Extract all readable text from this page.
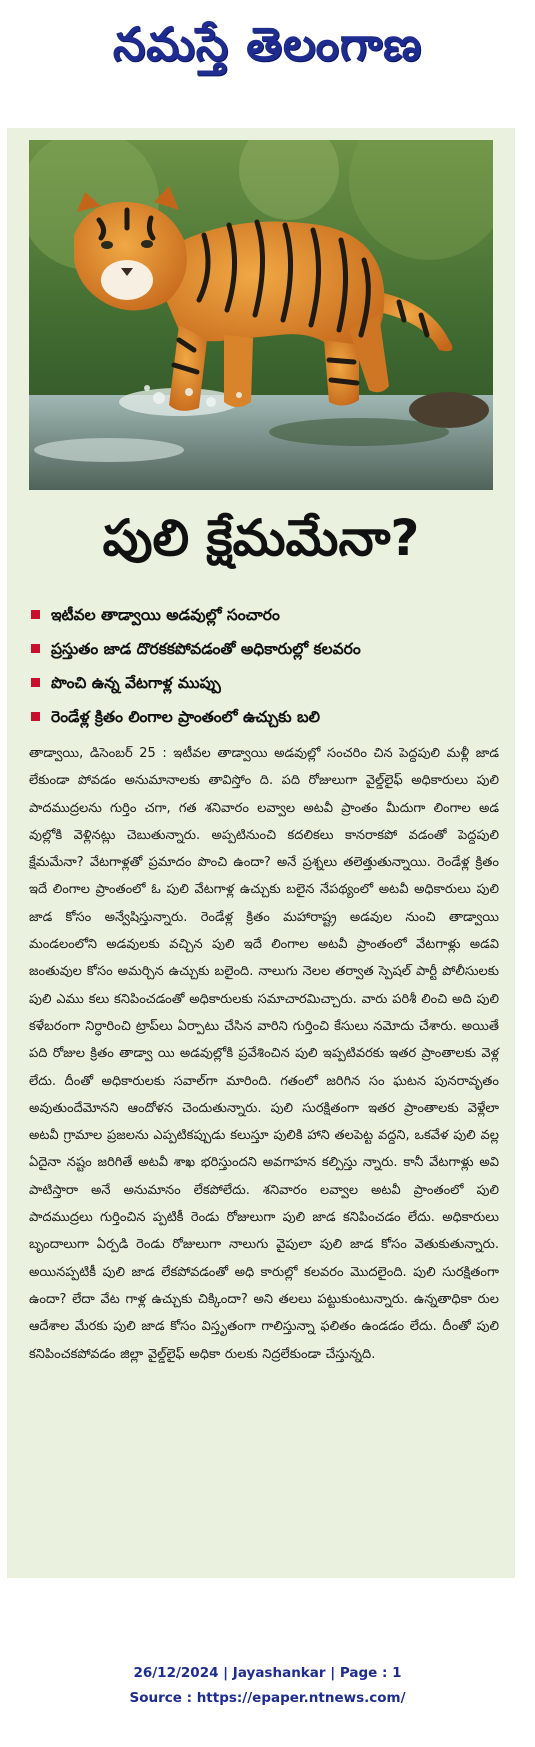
నమస్తే తెలంగాణ
పులి క్షేమమేనా?
ఇటీవల తాడ్వాయి అడవుల్లో సంచారం
ప్రస్తుతం జాడ దొరకకపోవడంతో అధికారుల్లో కలవరం
పొంచి ఉన్న వేటగాళ్ల ముప్పు
రెండేళ్ల క్రితం లింగాల ప్రాంతంలో ఉచ్చుకు బలి

తాడ్వాయి, డిసెంబర్ 25 : ఇటీవల తాడ్వాయి అడవుల్లో సంచరిం చిన పెద్దపులి మళ్లీ జాడ లేకుండా పోవడం అనుమానాలకు తావిస్తోం ది. పది రోజులుగా వైల్డ్‌లైఫ్ అధికారులు పులి పాదముద్రలను గుర్తిం చగా, గత శనివారం లవ్వాల అటవీ ప్రాంతం మీదుగా లింగాల అడ వుల్లోకి వెళ్లినట్లు చెబుతున్నారు. అప్పటినుంచి కదలికలు కానరాకపో వడంతో పెద్దపులి క్షేమమేనా? వేటగాళ్లతో ప్రమాదం పొంచి ఉందా? అనే ప్రశ్నలు తలెత్తుతున్నాయి. రెండేళ్ల క్రితం ఇదే లింగాల ప్రాంతంలో ఓ పులి వేటగాళ్ల ఉచ్చుకు బలైన నేపథ్యంలో అటవీ అధికారులు పులి జాడ కోసం అన్వేషిస్తున్నారు. రెండేళ్ల క్రితం మహారాష్ట్ర అడవుల నుంచి తాడ్వాయి మండలంలోని అడవులకు వచ్చిన పులి ఇదే లింగాల అటవీ ప్రాంతంలో వేటగాళ్లు అడవి జంతువుల కోసం అమర్చిన ఉచ్చుకు బలైంది. నాలుగు నెలల తర్వాత స్పెషల్ పార్టీ పోలీసులకు పులి ఎము కలు కనిపించడంతో అధికారులకు సమాచారమిచ్చారు. వారు పరిశీ లించి అది పులి కళేబరంగా నిర్ధారించి ట్రాప్‌లు ఏర్పాటు చేసిన వారిని గుర్తించి కేసులు నమోదు చేశారు. అయితే పది రోజుల క్రితం తాడ్వా యి అడవుల్లోకి ప్రవేశించిన పులి ఇప్పటివరకు ఇతర ప్రాంతాలకు వెళ్ల లేదు. దీంతో అధికారులకు సవాల్‌గా మారింది. గతంలో జరిగిన సం ఘటన పునరావృతం అవుతుందేమోనని ఆందోళన చెందుతున్నారు. పులి సురక్షితంగా ఇతర ప్రాంతాలకు వెళ్లేలా అటవీ గ్రామాల ప్రజలను ఎప్పటికప్పుడు కలుస్తూ పులికి హాని తలపెట్ట వద్దని, ఒకవేళ పులి వల్ల ఏదైనా నష్టం జరిగితే అటవీ శాఖ భరిస్తుందని అవగాహన కల్పిస్తు న్నారు. కానీ వేటగాళ్లు అవి పాటిస్తారా అనే అనుమానం లేకపోలేదు. శనివారం లవ్వాల అటవీ ప్రాంతంలో పులి పాదముద్రలు గుర్తించిన ప్పటికీ రెండు రోజులుగా పులి జాడ కనిపించడం లేదు. అధికారులు బృందాలుగా ఏర్పడి రెండు రోజులుగా నాలుగు వైపులా పులి జాడ కోసం వెతుకుతున్నారు. అయినప్పటికీ పులి జాడ లేకపోవడంతో అధి కారుల్లో కలవరం మొదలైంది. పులి సురక్షితంగా ఉందా? లేదా వేట గాళ్ల ఉచ్చుకు చిక్కిందా? అని తలలు పట్టుకుంటున్నారు. ఉన్నతాధికా రుల ఆదేశాల మేరకు పులి జాడ కోసం విస్తృతంగా గాలిస్తున్నా ఫలితం ఉండడం లేదు. దీంతో పులి కనిపించకపోవడం జిల్లా వైల్డ్‌లైఫ్ అధికా రులకు నిద్రలేకుండా చేస్తున్నది.

26/12/2024 | Jayashankar | Page : 1
Source : https://epaper.ntnews.com/
